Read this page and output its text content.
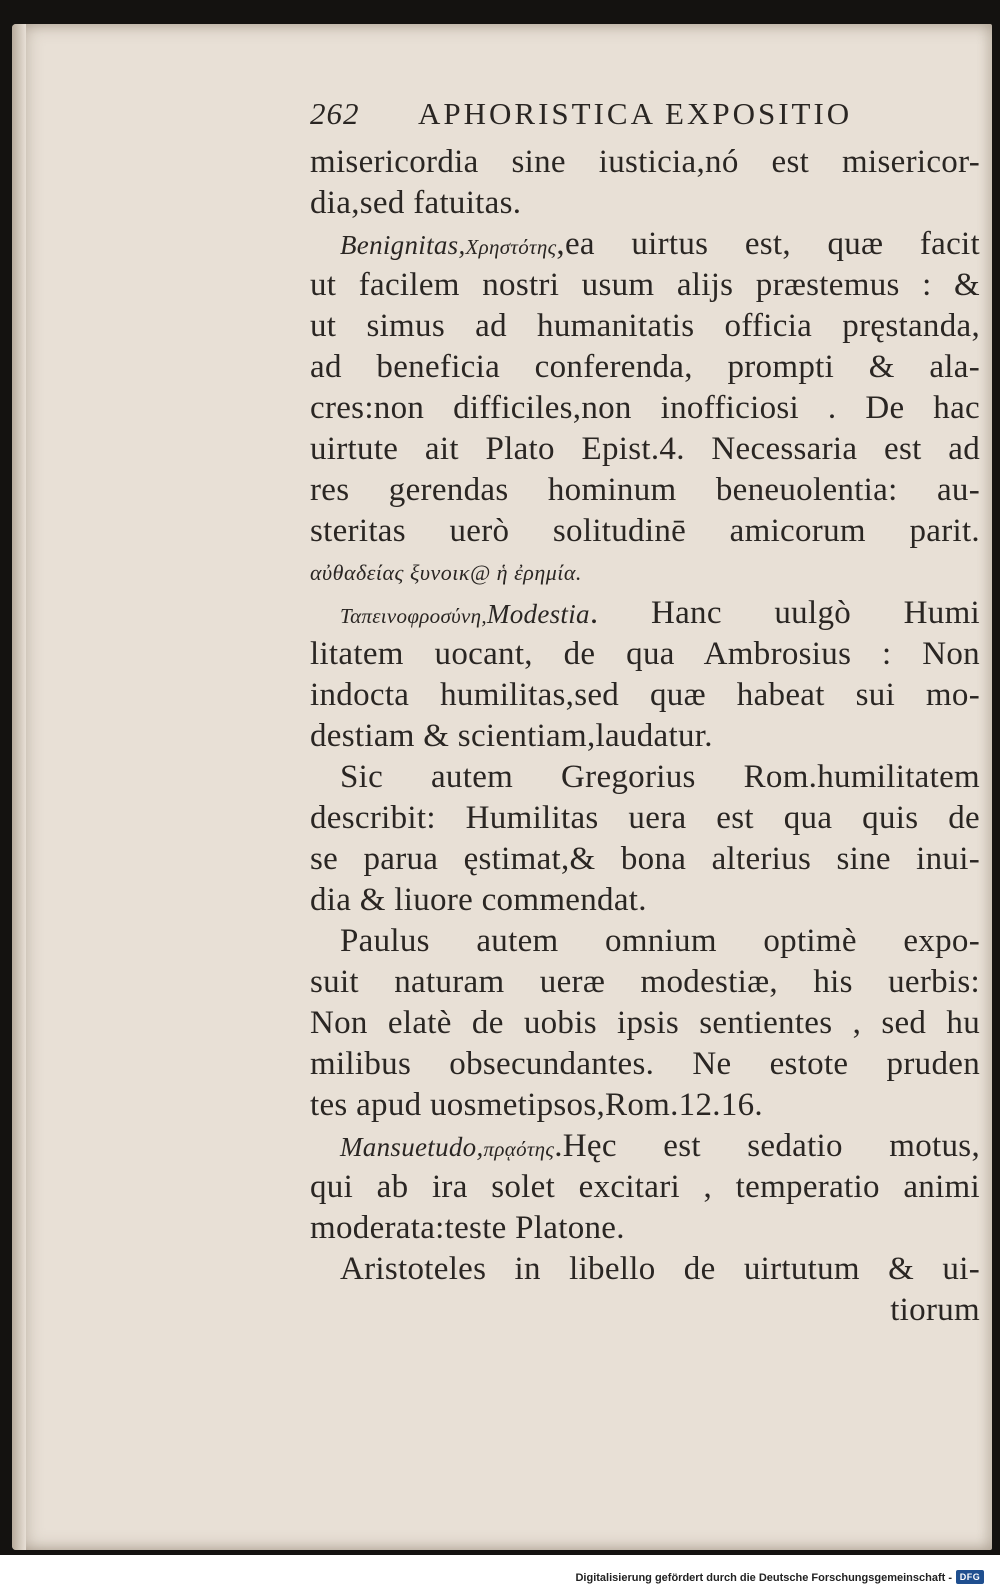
262	APHORISTICA EXPOSITIO
misericordia sine iusticia,nó est misericor-
dia,sed fatuitas.
Benignitas,Χρηστότης,ea uirtus est, quæ facit
ut facilem nostri usum alijs præstemus : &
ut simus ad humanitatis officia pręstanda,
ad beneficia conferenda, prompti & ala-
cres:non difficiles,non inofficiosi . De hac
uirtute ait Plato Epist.4. Necessaria est ad
res gerendas hominum beneuolentia: au-
steritas uerò solitudinē amicorum parit.
αὐθαδείας ξυνοικ@ ἡ ἐρημία.
Ταπεινοφροσύνη,Modestia. Hanc uulgò Humi
litatem uocant, de qua Ambrosius : Non
indocta humilitas,sed quæ habeat sui mo-
destiam & scientiam,laudatur.
Sic autem Gregorius Rom.humilitatem
describit: Humilitas uera est qua quis de
se parua ęstimat,& bona alterius sine inui-
dia & liuore commendat.
Paulus autem omnium optimè expo-
suit naturam ueræ modestiæ, his uerbis:
Non elatè de uobis ipsis sentientes , sed hu
milibus obsecundantes. Ne estote pruden
tes apud uosmetipsos,Rom.12.16.
Mansuetudo,πρᾳότης.Hęc est sedatio motus,
qui ab ira solet excitari , temperatio animi
moderata:teste Platone.
Aristoteles in libello de uirtutum & ui-
tiorum
Digitalisierung gefördert durch die Deutsche Forschungsgemeinschaft - DFG
